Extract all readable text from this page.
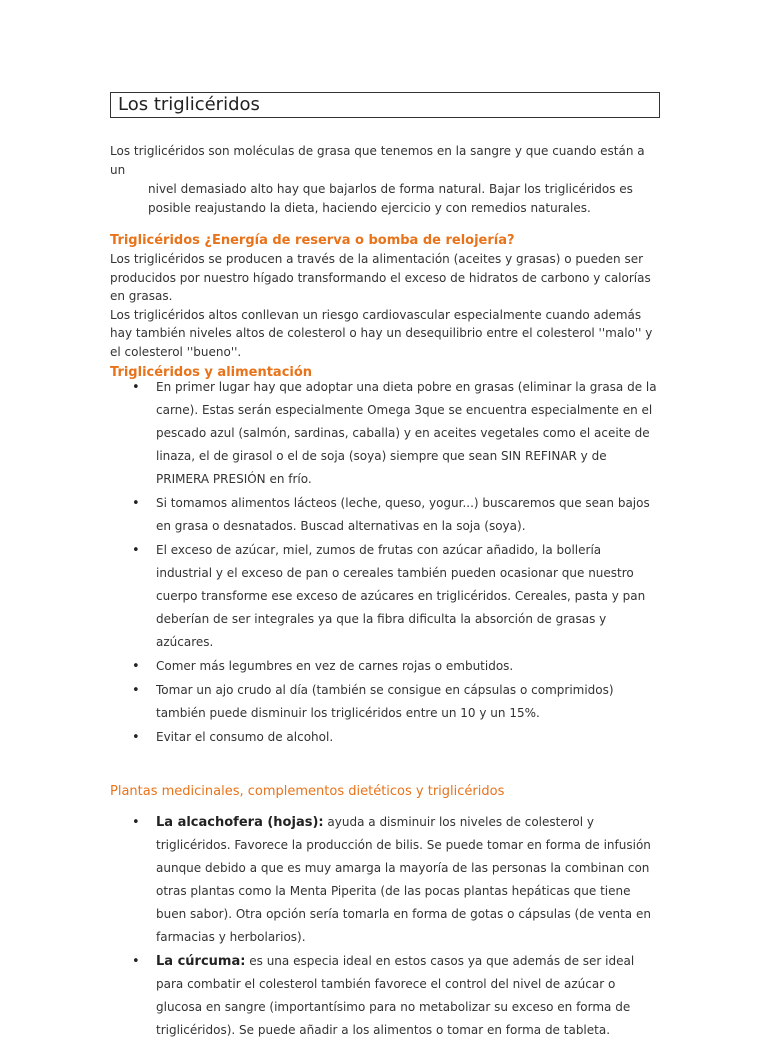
Los triglicéridos

Los triglicéridos son moléculas de grasa que tenemos en la sangre y que cuando están a un
nivel demasiado alto hay que bajarlos de forma natural. Bajar los triglicéridos es
posible reajustando la dieta, haciendo ejercicio y con remedios naturales.

Triglicéridos ¿Energía de reserva o bomba de relojería?

Los triglicéridos se producen a través de la alimentación (aceites y grasas) o pueden ser producidos por nuestro hígado transformando el exceso de hidratos de carbono y calorías en grasas.

Los triglicéridos altos conllevan un riesgo cardiovascular especialmente cuando además hay también niveles altos de colesterol o hay un desequilibrio entre el colesterol ''malo'' y el colesterol ''bueno''.

Triglicéridos y alimentación
• En primer lugar hay que adoptar una dieta pobre en grasas (eliminar la grasa de la carne). Estas serán especialmente Omega 3que se encuentra especialmente en el pescado azul (salmón, sardinas, caballa) y en aceites vegetales como el aceite de linaza, el de girasol o el de soja (soya) siempre que sean SIN REFINAR y de PRIMERA PRESIÓN en frío.
• Si tomamos alimentos lácteos (leche, queso, yogur...) buscaremos que sean bajos en grasa o desnatados. Buscad alternativas en la soja (soya).
• El exceso de azúcar, miel, zumos de frutas con azúcar añadido, la bollería industrial y el exceso de pan o cereales también pueden ocasionar que nuestro cuerpo transforme ese exceso de azúcares en triglicéridos. Cereales, pasta y pan deberían de ser integrales ya que la fibra dificulta la absorción de grasas y azúcares.
• Comer más legumbres en vez de carnes rojas o embutidos.
• Tomar un ajo crudo al día (también se consigue en cápsulas o comprimidos) también puede disminuir los triglicéridos entre un 10 y un 15%.
• Evitar el consumo de alcohol.
Plantas medicinales, complementos dietéticos y triglicéridos
• La alcachofera (hojas): ayuda a disminuir los niveles de colesterol y triglicéridos. Favorece la producción de bilis. Se puede tomar en forma de infusión aunque debido a que es muy amarga la mayoría de las personas la combinan con otras plantas como la Menta Piperita (de las pocas plantas hepáticas que tiene buen sabor). Otra opción sería tomarla en forma de gotas o cápsulas (de venta en farmacias y herbolarios).
• La cúrcuma: es una especia ideal en estos casos ya que además de ser ideal para combatir el colesterol también favorece el control del nivel de azúcar o glucosa en sangre (importantísimo para no metabolizar su exceso en forma de triglicéridos). Se puede añadir a los alimentos o tomar en forma de tableta.
